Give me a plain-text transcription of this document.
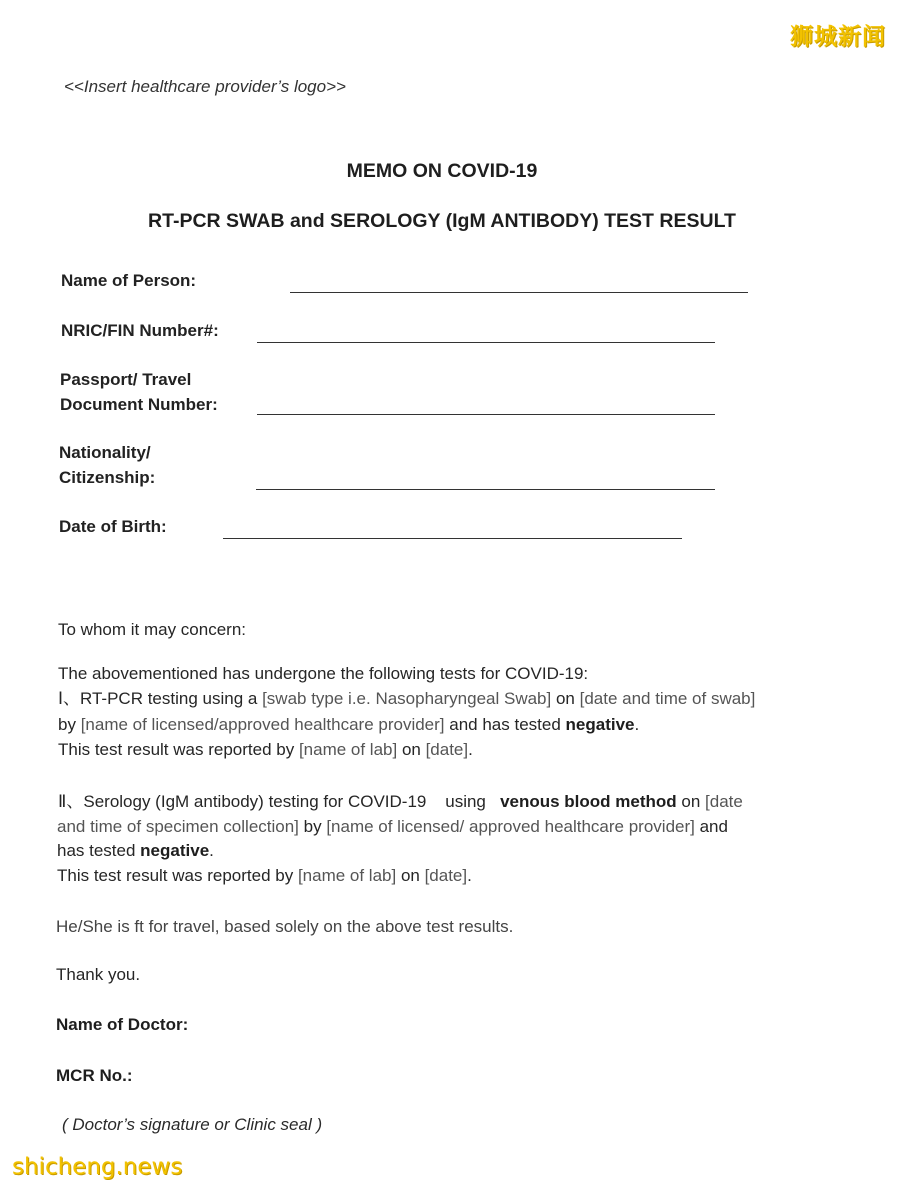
狮城新闻
<<Insert healthcare provider’s logo>>
MEMO ON COVID-19
RT-PCR SWAB and SEROLOGY (IgM ANTIBODY) TEST RESULT
Name of Person:
NRIC/FIN Number#:
Passport/ Travel
Document Number:
Nationality/
Citizenship:
Date of Birth:
To whom it may concern:
The abovementioned has undergone the following tests for COVID-19:
Ⅰ、RT-PCR testing using a [swab type i.e. Nasopharyngeal Swab] on [date and time of swab]
by [name of licensed/approved healthcare provider] and has tested negative.
This test result was reported by [name of lab] on [date].
Ⅱ、Serology (IgM antibody) testing for COVID-19    using   venous blood method on [date
and time of specimen collection] by [name of licensed/ approved healthcare provider] and
has tested negative.
This test result was reported by [name of lab] on [date].
He/She is ft for travel, based solely on the above test results.
Thank you.
Name of Doctor:
MCR No.:
( Doctor’s signature or Clinic seal )
shicheng.news
